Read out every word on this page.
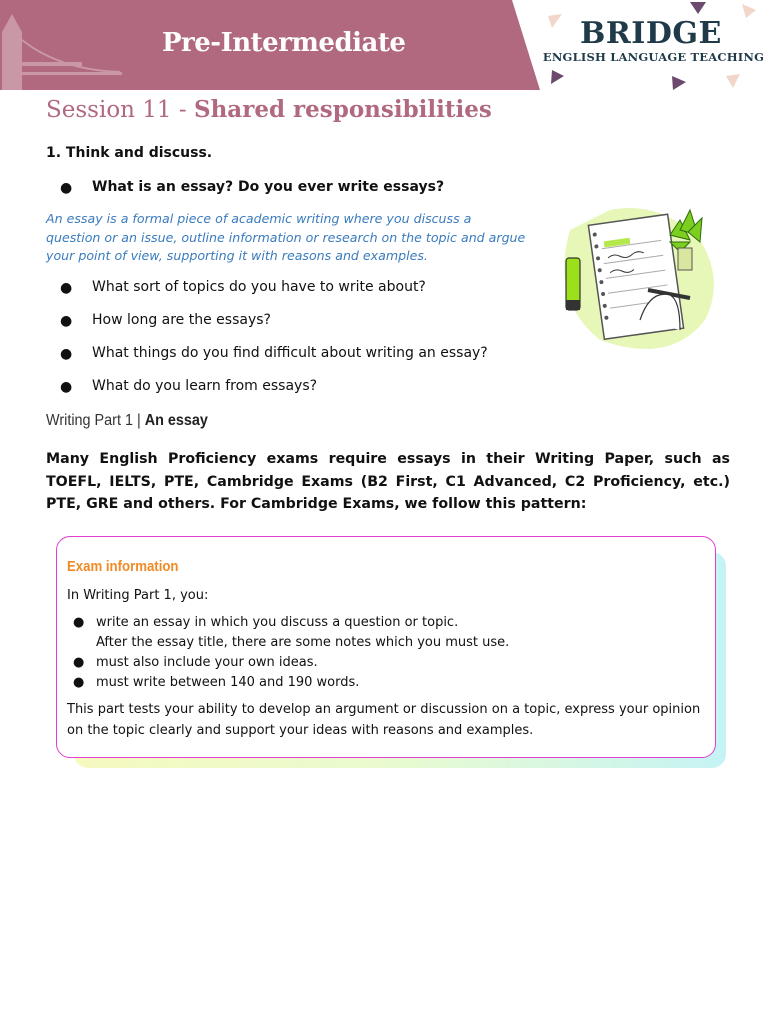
Pre-Intermediate	BRIDGE
ENGLISH LANGUAGE TEACHING
Session 11 - Shared responsibilities
1. Think and discuss.
● What is an essay? Do you ever write essays?
An essay is a formal piece of academic writing where you discuss a question or an issue, outline information or research on the topic and argue your point of view, supporting it with reasons and examples.
● What sort of topics do you have to write about?
● How long are the essays?
● What things do you find difficult about writing an essay?
● What do you learn from essays?
Writing Part 1 | An essay
Many English Proficiency exams require essays in their Writing Paper, such as TOEFL, IELTS, PTE, Cambridge Exams (B2 First, C1 Advanced, C2 Proficiency, etc.) PTE, GRE and others. For Cambridge Exams, we follow this pattern:
Exam information
In Writing Part 1, you:
● write an essay in which you discuss a question or topic.
After the essay title, there are some notes which you must use.
● must also include your own ideas.
● must write between 140 and 190 words.
This part tests your ability to develop an argument or discussion on a topic, express your opinion on the topic clearly and support your ideas with reasons and examples.
